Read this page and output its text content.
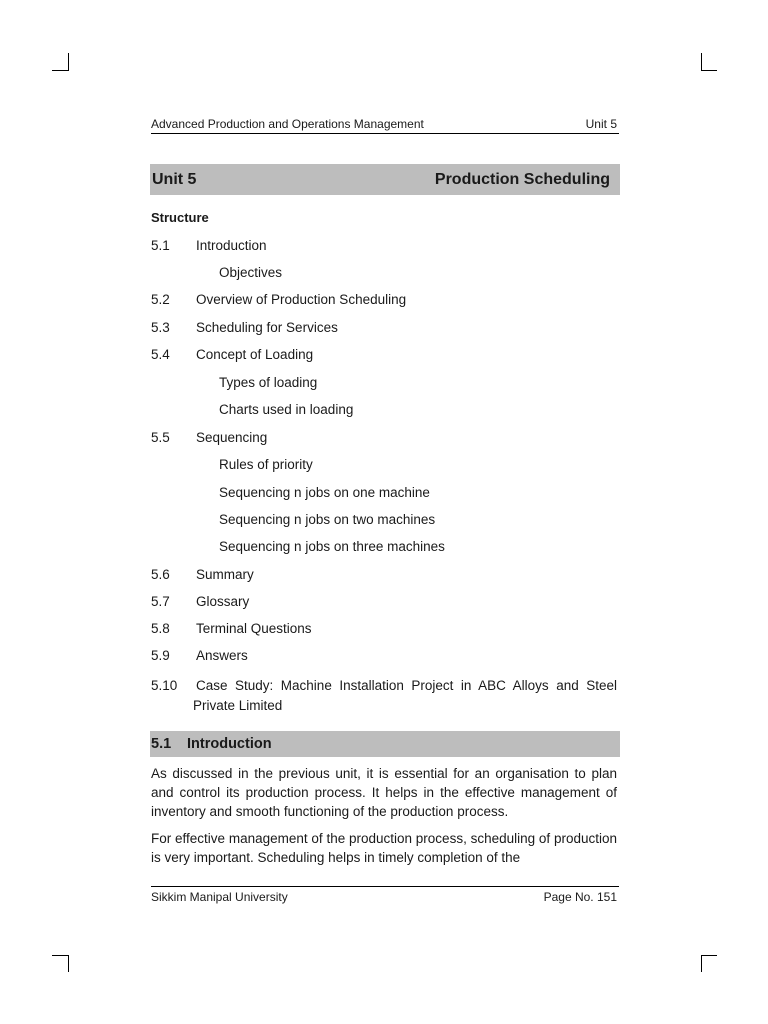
Advanced Production and Operations Management	Unit 5
Unit 5	Production Scheduling
Structure
5.1 Introduction
Objectives
5.2 Overview of Production Scheduling
5.3 Scheduling for Services
5.4 Concept of Loading
Types of loading
Charts used in loading
5.5 Sequencing
Rules of priority
Sequencing n jobs on one machine
Sequencing n jobs on two machines
Sequencing n jobs on three machines
5.6 Summary
5.7 Glossary
5.8 Terminal Questions
5.9 Answers
5.10 Case Study: Machine Installation Project in ABC Alloys and Steel
Private Limited
5.1 Introduction
As discussed in the previous unit, it is essential for an organisation to plan and control its production process. It helps in the effective management of inventory and smooth functioning of the production process.
For effective management of the production process, scheduling of production is very important. Scheduling helps in timely completion of the
Sikkim Manipal University	Page No. 151
